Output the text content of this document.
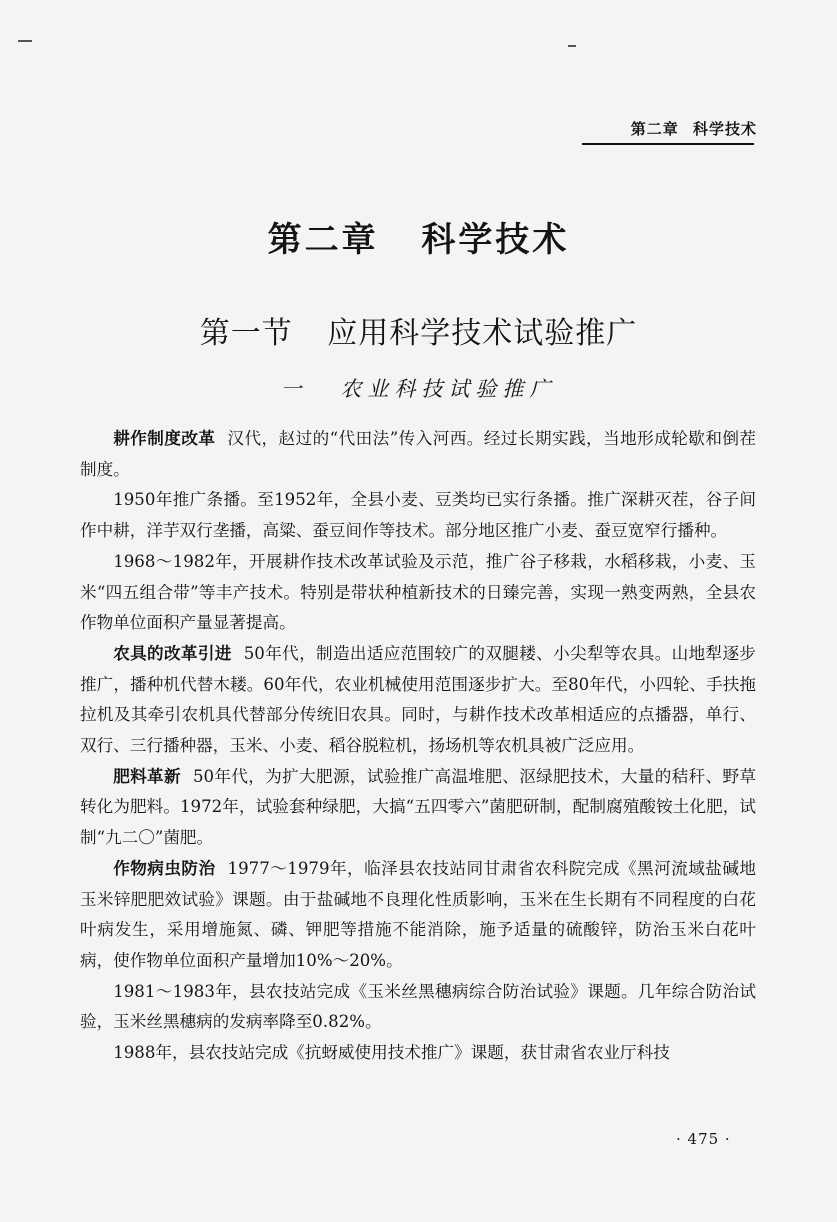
第二章 科学技术
第二章 科学技术
第一节 应用科学技术试验推广
一 农业科技试验推广

耕作制度改革 汉代，赵过的“代田法”传入河西。经过长期实践，当地形成轮歇和倒茬制度。

1950年推广条播。至1952年，全县小麦、豆类均已实行条播。推广深耕灭茬，谷子间作中耕，洋芋双行垄播，高粱、蚕豆间作等技术。部分地区推广小麦、蚕豆宽窄行播种。

1968～1982年，开展耕作技术改革试验及示范，推广谷子移栽，水稻移栽，小麦、玉米“四五组合带”等丰产技术。特别是带状种植新技术的日臻完善，实现一熟变两熟，全县农作物单位面积产量显著提高。

农具的改革引进 50年代，制造出适应范围较广的双腿耧、小尖犁等农具。山地犁逐步推广，播种机代替木耧。60年代，农业机械使用范围逐步扩大。至80年代，小四轮、手扶拖拉机及其牵引农机具代替部分传统旧农具。同时，与耕作技术改革相适应的点播器，单行、双行、三行播种器，玉米、小麦、稻谷脱粒机，扬场机等农机具被广泛应用。

肥料革新 50年代，为扩大肥源，试验推广高温堆肥、沤绿肥技术，大量的秸秆、野草转化为肥料。1972年，试验套种绿肥，大搞“五四零六”菌肥研制，配制腐殖酸铵土化肥，试制“九二〇”菌肥。

作物病虫防治 1977～1979年，临泽县农技站同甘肃省农科院完成《黑河流域盐碱地玉米锌肥肥效试验》课题。由于盐碱地不良理化性质影响，玉米在生长期有不同程度的白花叶病发生，采用增施氮、磷、钾肥等措施不能消除，施予适量的硫酸锌，防治玉米白花叶病，使作物单位面积产量增加10%～20%。

1981～1983年，县农技站完成《玉米丝黑穗病综合防治试验》课题。几年综合防治试验，玉米丝黑穗病的发病率降至0.82%。

1988年，县农技站完成《抗蚜威使用技术推广》课题，获甘肃省农业厅科技

· 475 ·
